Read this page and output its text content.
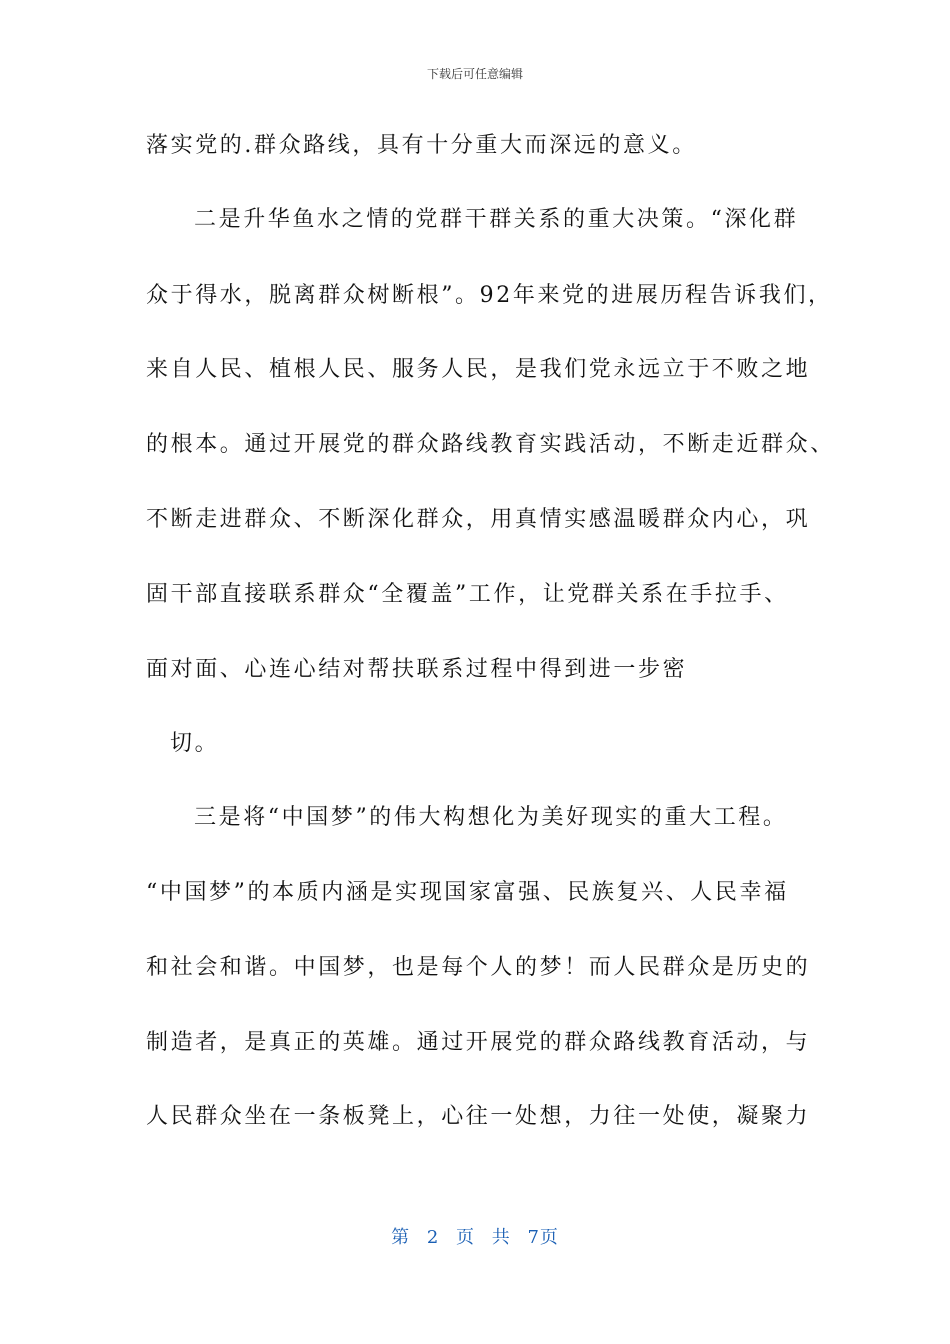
下载后可任意编辑
落实党的.群众路线，具有十分重大而深远的意义。
二是升华鱼水之情的党群干群关系的重大决策。“深化群
众于得水，脱离群众树断根”。92年来党的进展历程告诉我们，
来自人民、植根人民、服务人民，是我们党永远立于不败之地
的根本。通过开展党的群众路线教育实践活动，不断走近群众、
不断走进群众、不断深化群众，用真情实感温暖群众内心，巩
固干部直接联系群众“全覆盖”工作，让党群关系在手拉手、
面对面、心连心结对帮扶联系过程中得到进一步密
切。
三是将“中国梦”的伟大构想化为美好现实的重大工程。
“中国梦”的本质内涵是实现国家富强、民族复兴、人民幸福
和社会和谐。中国梦，也是每个人的梦！而人民群众是历史的
制造者，是真正的英雄。通过开展党的群众路线教育活动，与
人民群众坐在一条板凳上，心往一处想，力往一处使，凝聚力
第 2 页 共 7页
